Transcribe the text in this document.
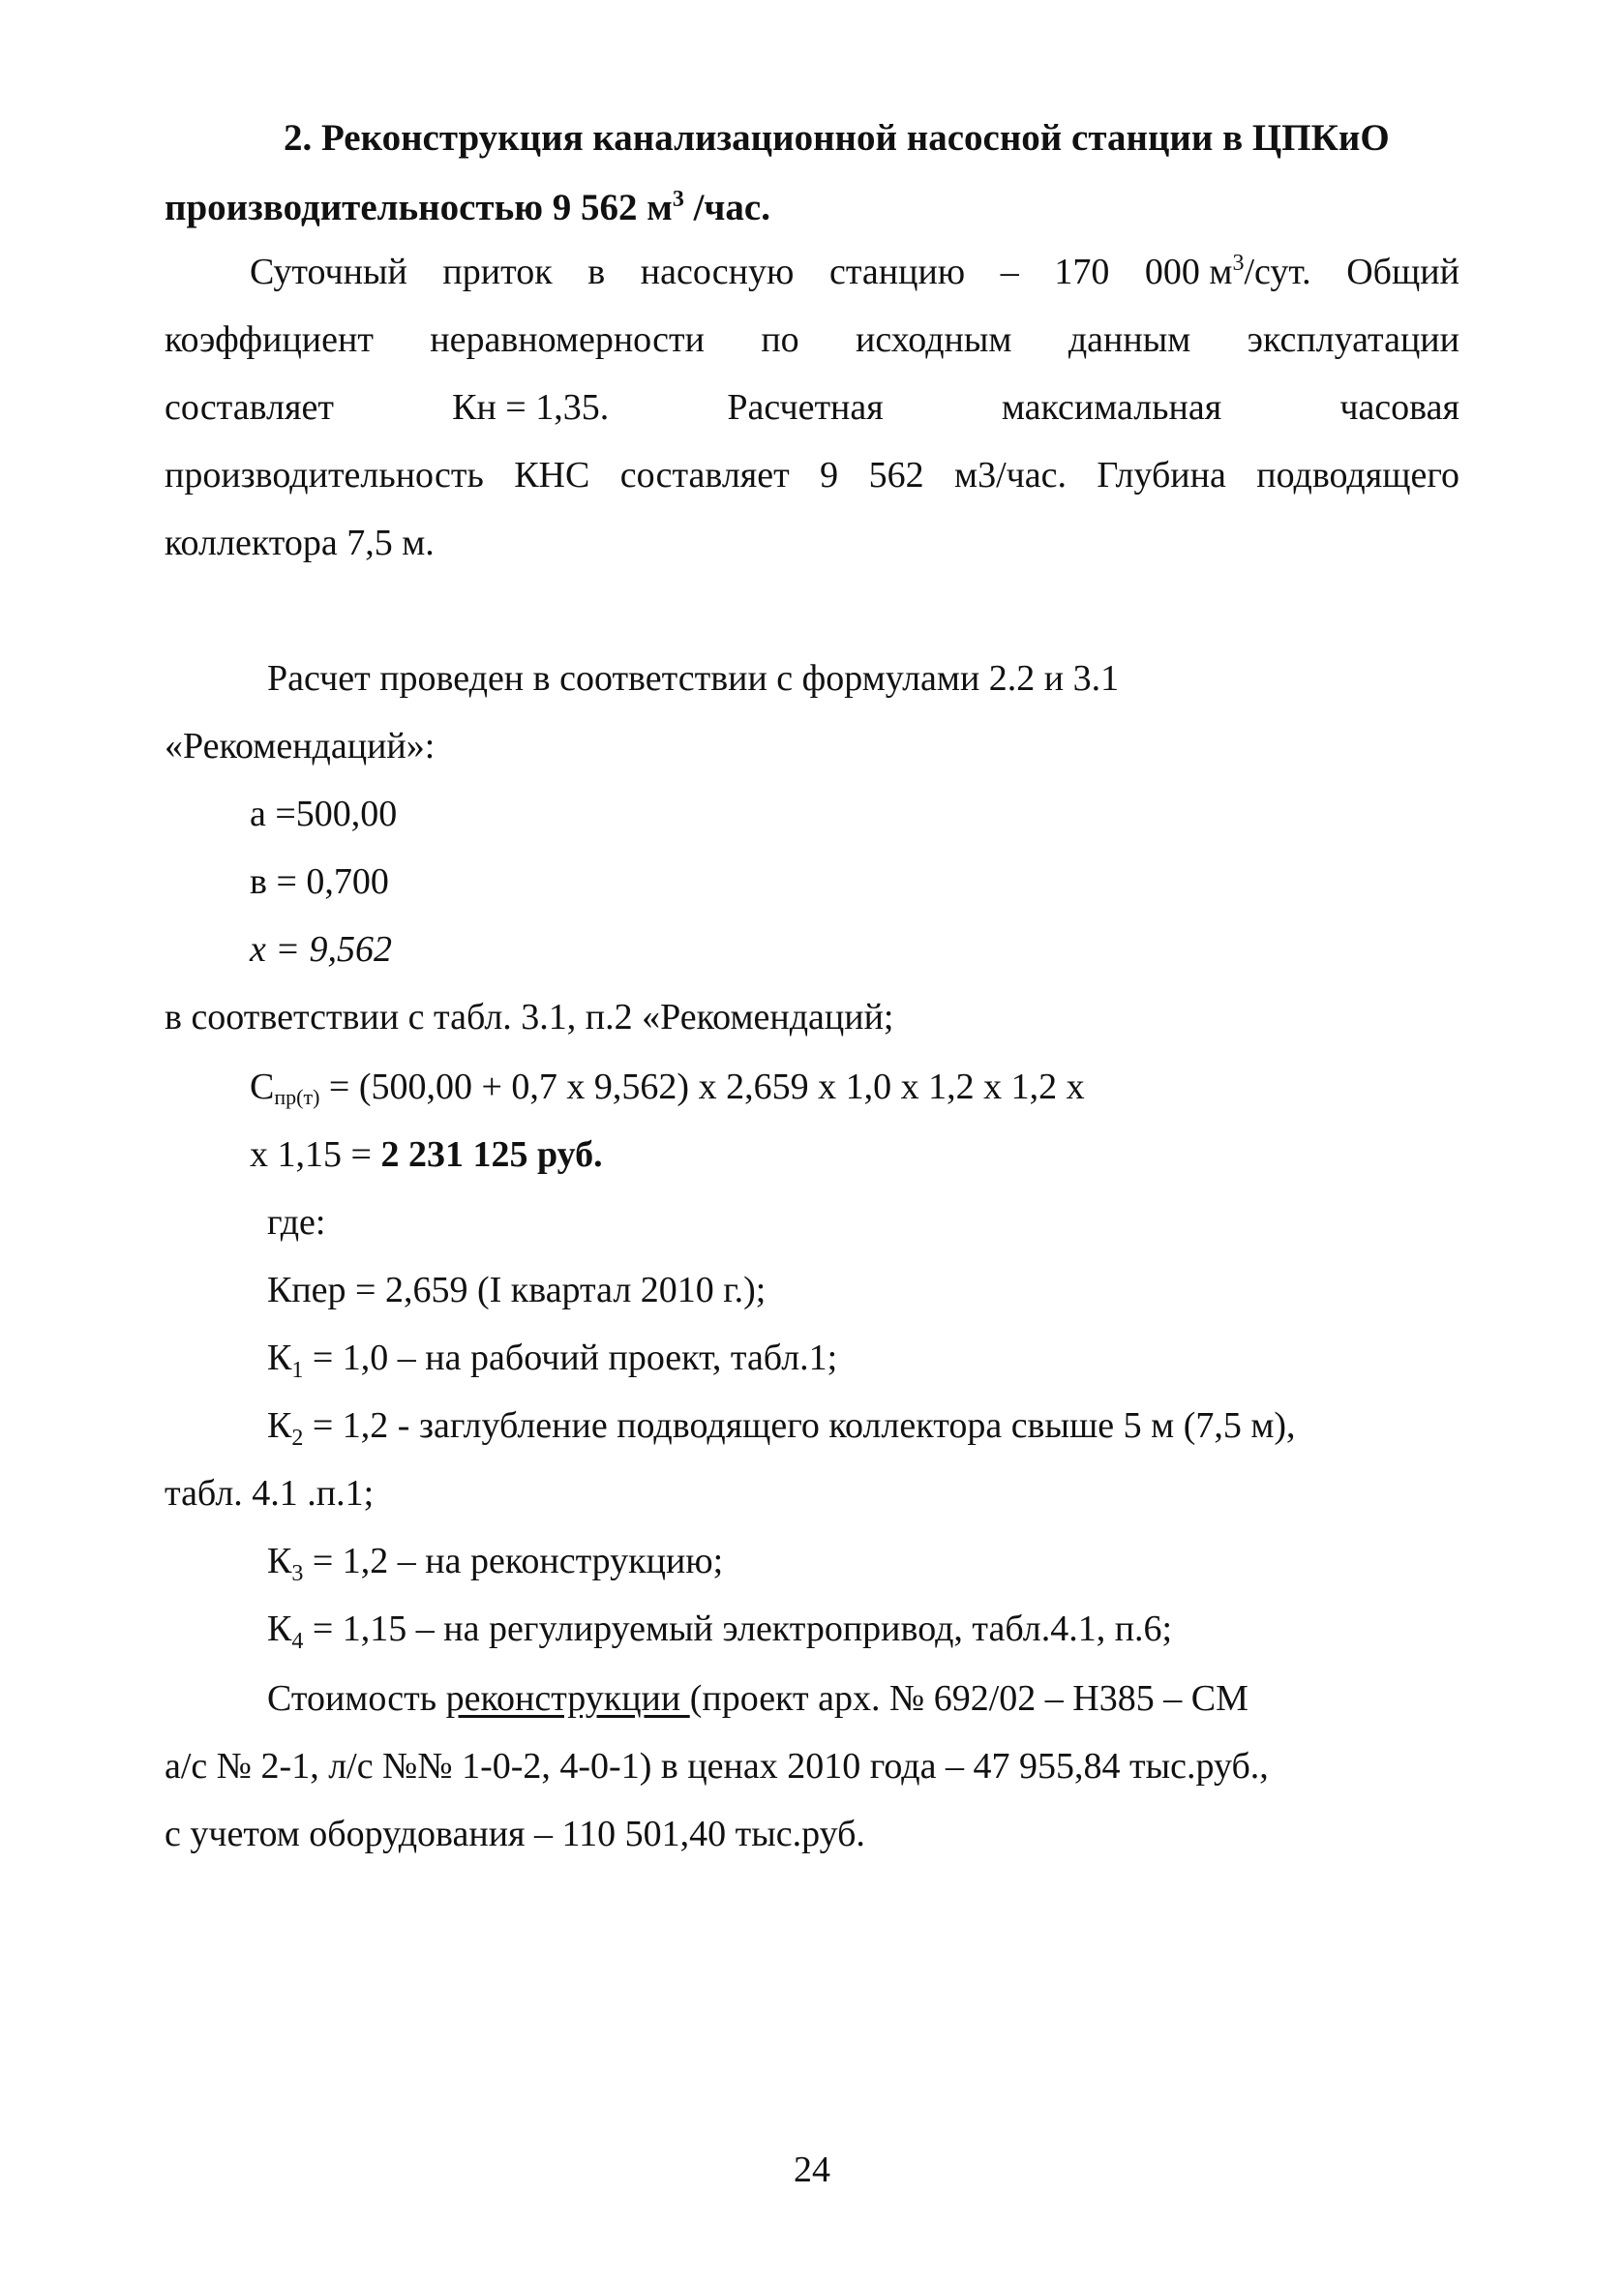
2. Реконструкция канализационной насосной станции в ЦПКиО
производительностью 9 562 $м^3$ /час.
Суточный приток в насосную станцию – 170 000 $м^3$/сут. Общий
коэффициент неравномерности по исходным данным эксплуатации
составляет	Кн = 1,35.	Расчетная	максимальная	часовая
производительность КНС составляет 9 562 м3/час. Глубина подводящего
коллектора 7,5 м.
Расчет проведен в соответствии с формулами 2.2 и 3.1
«Рекомендаций»:
а =500,00
в = 0,700
x = 9,562
в соответствии с табл. 3.1, п.2 «Рекомендаций;
Спр(т) = (500,00 + 0,7 х 9,562) х 2,659 х 1,0 х 1,2 х 1,2 х
х 1,15 = 2 231 125 руб.
где:
Кпер = 2,659 (I квартал 2010 г.);
$К_1 = 1,0$ – на рабочий проект, табл.1;
$К_2 = 1,2$ - заглубление подводящего коллектора свыше 5 м (7,5 м),
табл. 4.1 .п.1;
$К_3 = 1,2$ – на реконструкцию;
$К_4 = 1,15$ – на регулируемый электропривод, табл.4.1, п.6;
Стоимость реконструкции (проект арх. № 692/02 – Н385 – СМ
а/с № 2-1, л/с №№ 1-0-2, 4-0-1) в ценах 2010 года – 47 955,84 тыс.руб.,
с учетом оборудования – 110 501,40 тыс.руб.
24
